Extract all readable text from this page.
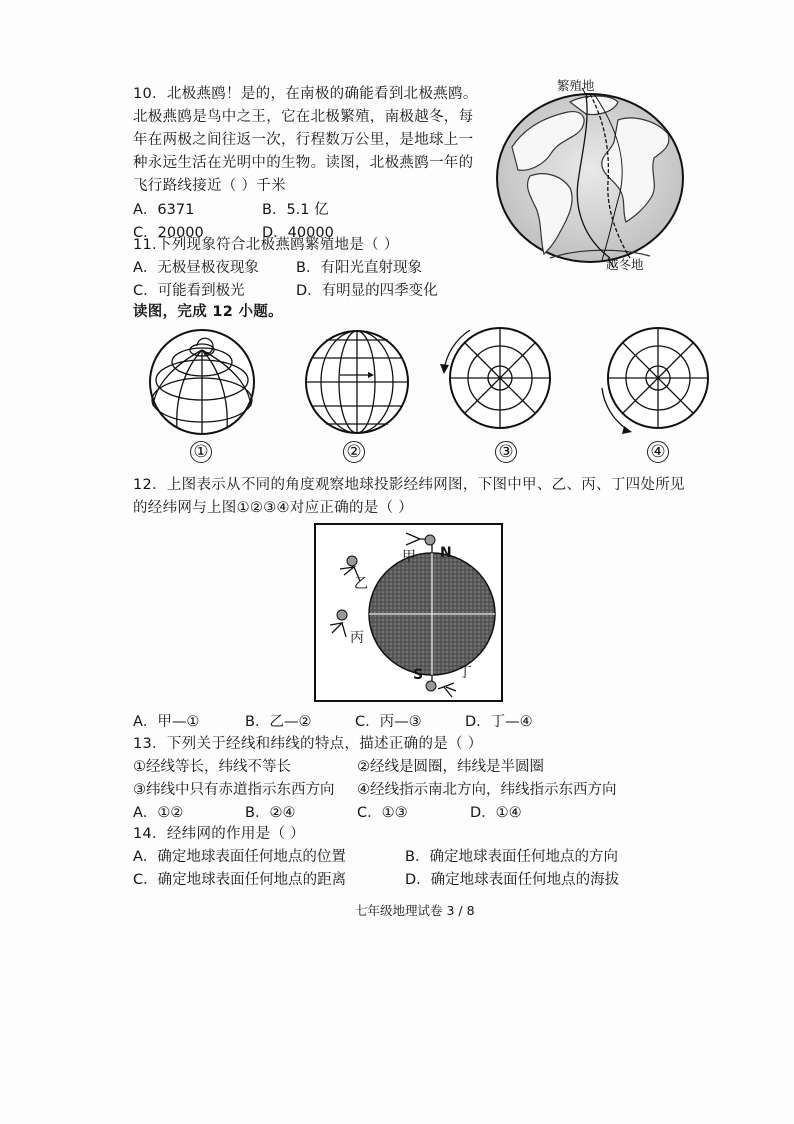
10．北极燕鸥！是的，在南极的确能看到北极燕鸥。
北极燕鸥是鸟中之王，它在北极繁殖，南极越冬，每
年在两极之间往返一次，行程数万公里，是地球上一
种永远生活在光明中的生物。读图，北极燕鸥一年的
飞行路线接近（ ）千米
A．6371	B．5.1 亿
C．20000	D．40000
繁殖地
越冬地
11.下列现象符合北极燕鸥繁殖地是（ ）
A．无极昼极夜现象	B．有阳光直射现象
C．可能看到极光	D．有明显的四季变化
读图，完成 12 小题。
①	②	③	④
12．上图表示从不同的角度观察地球投影经纬网图，下图中甲、乙、丙、丁四处所见
的经纬网与上图①②③④对应正确的是（ ）
甲 N
乙
丙
丁
S
A．甲—①	B．乙—②	C．丙—③	D．丁—④
13．下列关于经线和纬线的特点，描述正确的是（ ）
①经线等长，纬线不等长	②经线是圆圈，纬线是半圆圈
③纬线中只有赤道指示东西方向 ④经线指示南北方向，纬线指示东西方向
A．①②	B．②④	C．①③	D．①④
14．经纬网的作用是（ ）
A．确定地球表面任何地点的位置	B．确定地球表面任何地点的方向
C．确定地球表面任何地点的距离	D．确定地球表面任何地点的海拔
七年级地理试卷 3 / 8
